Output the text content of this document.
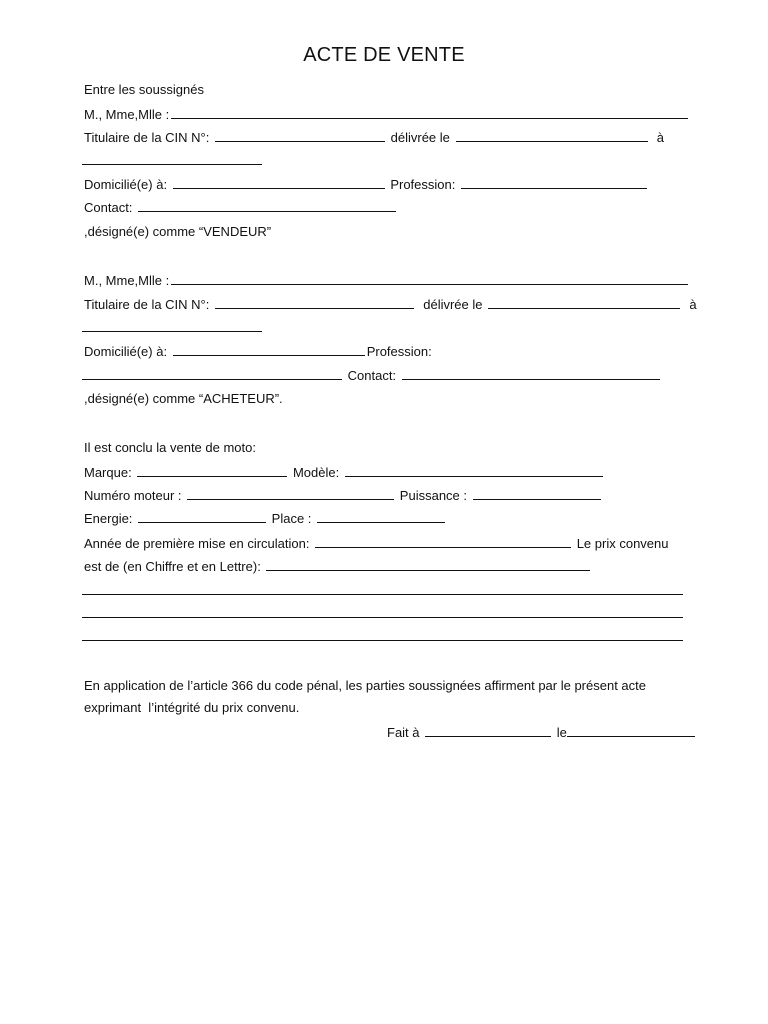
ACTE DE VENTE
Entre les soussignés
M., Mme,Mlle :
Titulaire de la CIN N°:	délivrée le	à
Domicilié(e) à:	Profession:
Contact:
,désigné(e) comme “VENDEUR”
M., Mme,Mlle :
Titulaire de la CIN N°:	délivrée le	à
Domicilié(e) à:	Profession:
Contact:
,désigné(e) comme “ACHETEUR”.
Il est conclu la vente de moto:
Marque:	Modèle:
Numéro moteur :	Puissance :
Energie:	Place :
Année de première mise en circulation:	Le prix convenu
est de (en Chiffre et en Lettre):
En application de l’article 366 du code pénal, les parties soussignées affirment par le présent acte
exprimant  l’intégrité du prix convenu.
Fait à	le
